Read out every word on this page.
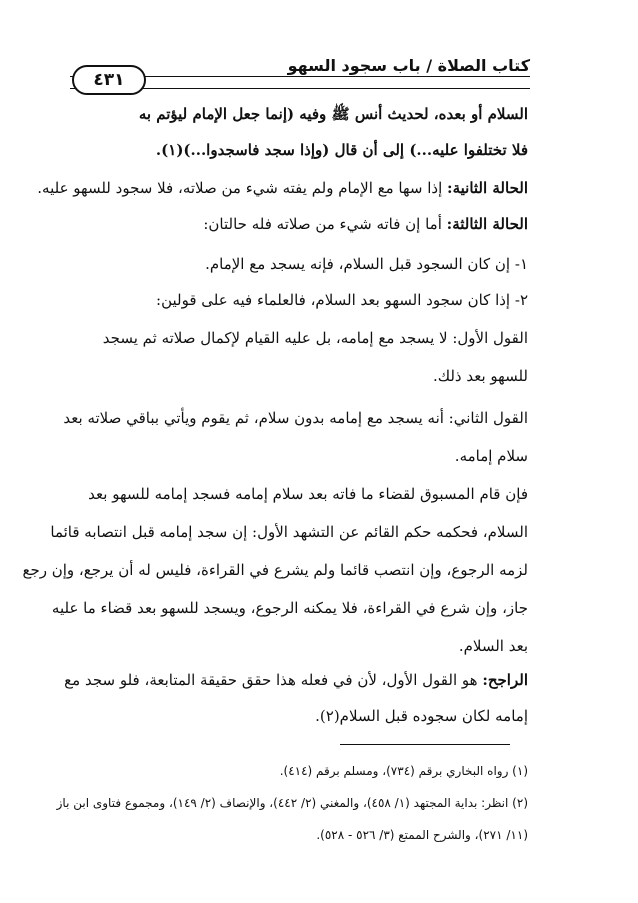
كتاب الصلاة / باب سجود السهو
٤٣١
السلام أو بعده، لحديث أنس ﷺ وفيه (إنما جعل الإمام ليؤتم به
فلا تختلفوا عليه...) إلى أن قال (وإذا سجد فاسجدوا...)(١).
الحالة الثانية: إذا سها مع الإمام ولم يفته شيء من صلاته، فلا سجود للسهو عليه.
الحالة الثالثة: أما إن فاته شيء من صلاته فله حالتان:
١- إن كان السجود قبل السلام، فإنه يسجد مع الإمام.
٢- إذا كان سجود السهو بعد السلام، فالعلماء فيه على قولين:
القول الأول: لا يسجد مع إمامه، بل عليه القيام لإكمال صلاته ثم يسجد
للسهو بعد ذلك.
القول الثاني: أنه يسجد مع إمامه بدون سلام، ثم يقوم ويأتي بباقي صلاته بعد
سلام إمامه.
فإن قام المسبوق لقضاء ما فاته بعد سلام إمامه فسجد إمامه للسهو بعد
السلام، فحكمه حكم القائم عن التشهد الأول: إن سجد إمامه قبل انتصابه قائما
لزمه الرجوع، وإن انتصب قائما ولم يشرع في القراءة، فليس له أن يرجع، وإن رجع
جاز، وإن شرع في القراءة، فلا يمكنه الرجوع، ويسجد للسهو بعد قضاء ما عليه
بعد السلام.
الراجح: هو القول الأول، لأن في فعله هذا حقق حقيقة المتابعة، فلو سجد مع
إمامه لكان سجوده قبل السلام(٢).
(١) رواه البخاري برقم (٧٣٤)، ومسلم برقم (٤١٤).
(٢) انظر: بداية المجتهد (١/ ٤٥٨)، والمغني (٢/ ٤٤٢)، والإنصاف (٢/ ١٤٩)، ومجموع فتاوى ابن باز
(١١/ ٢٧١)، والشرح الممتع (٣/ ٥٢٦ - ٥٢٨).
